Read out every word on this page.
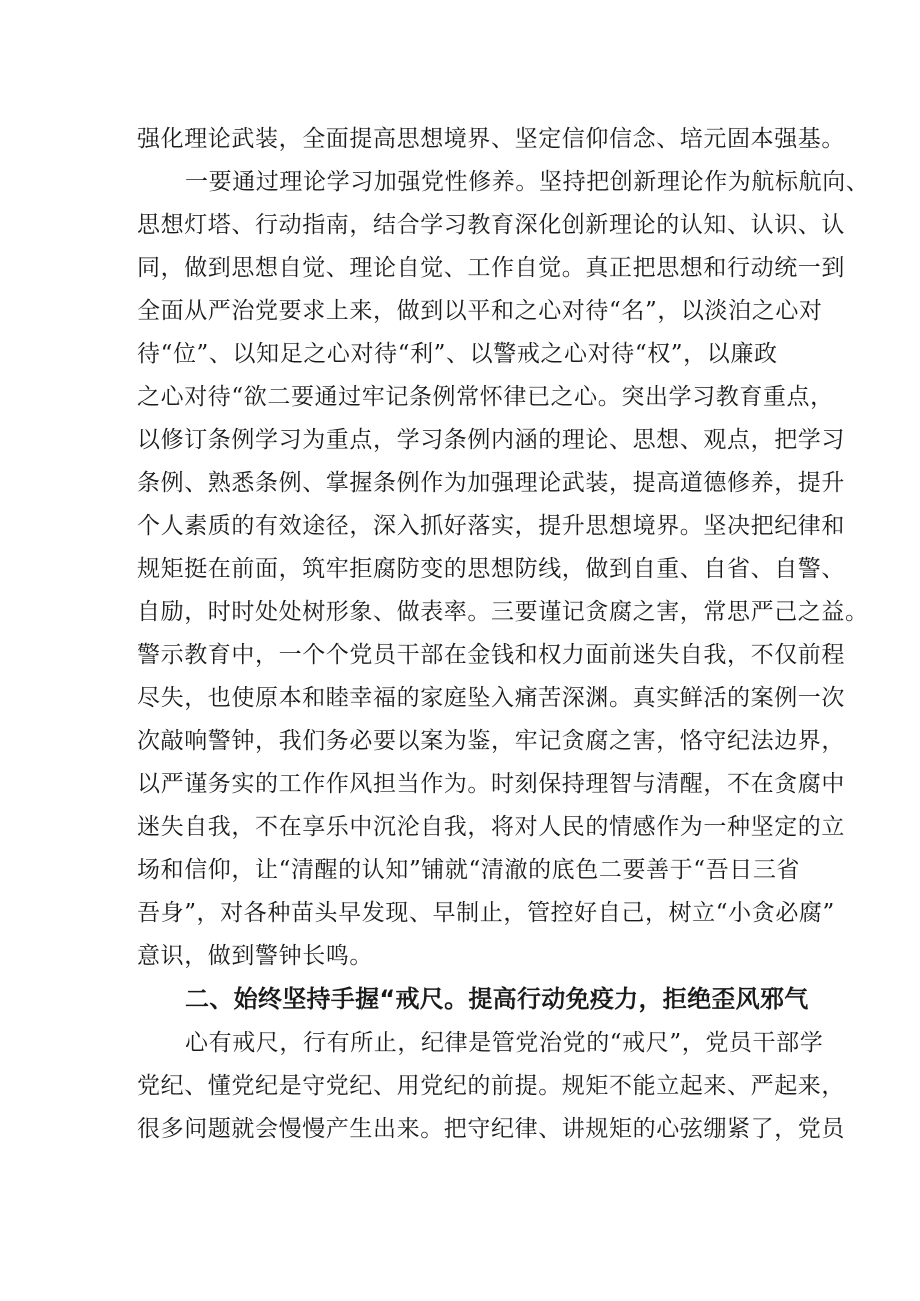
强化理论武装，全面提高思想境界、坚定信仰信念、培元固本强基。
一要通过理论学习加强党性修养。坚持把创新理论作为航标航向、
思想灯塔、行动指南，结合学习教育深化创新理论的认知、认识、认
同，做到思想自觉、理论自觉、工作自觉。真正把思想和行动统一到
全面从严治党要求上来，做到以平和之心对待“名”，以淡泊之心对
待“位”、以知足之心对待“利”、以警戒之心对待“权”，以廉政
之心对待“欲二要通过牢记条例常怀律已之心。突出学习教育重点，
以修订条例学习为重点，学习条例内涵的理论、思想、观点，把学习
条例、熟悉条例、掌握条例作为加强理论武装，提高道德修养，提升
个人素质的有效途径，深入抓好落实，提升思想境界。坚决把纪律和
规矩挺在前面，筑牢拒腐防变的思想防线，做到自重、自省、自警、
自励，时时处处树形象、做表率。三要谨记贪腐之害，常思严己之益。
警示教育中，一个个党员干部在金钱和权力面前迷失自我，不仅前程
尽失，也使原本和睦幸福的家庭坠入痛苦深渊。真实鲜活的案例一次
次敲响警钟，我们务必要以案为鉴，牢记贪腐之害，恪守纪法边界，
以严谨务实的工作作风担当作为。时刻保持理智与清醒，不在贪腐中
迷失自我，不在享乐中沉沦自我，将对人民的情感作为一种坚定的立
场和信仰，让“清醒的认知”铺就“清澈的底色二要善于“吾日三省
吾身”，对各种苗头早发现、早制止，管控好自己，树立“小贪必腐”
意识，做到警钟长鸣。
二、始终坚持手握“戒尺。提高行动免疫力，拒绝歪风邪气
心有戒尺，行有所止，纪律是管党治党的“戒尺”，党员干部学
党纪、懂党纪是守党纪、用党纪的前提。规矩不能立起来、严起来，
很多问题就会慢慢产生出来。把守纪律、讲规矩的心弦绷紧了，党员
